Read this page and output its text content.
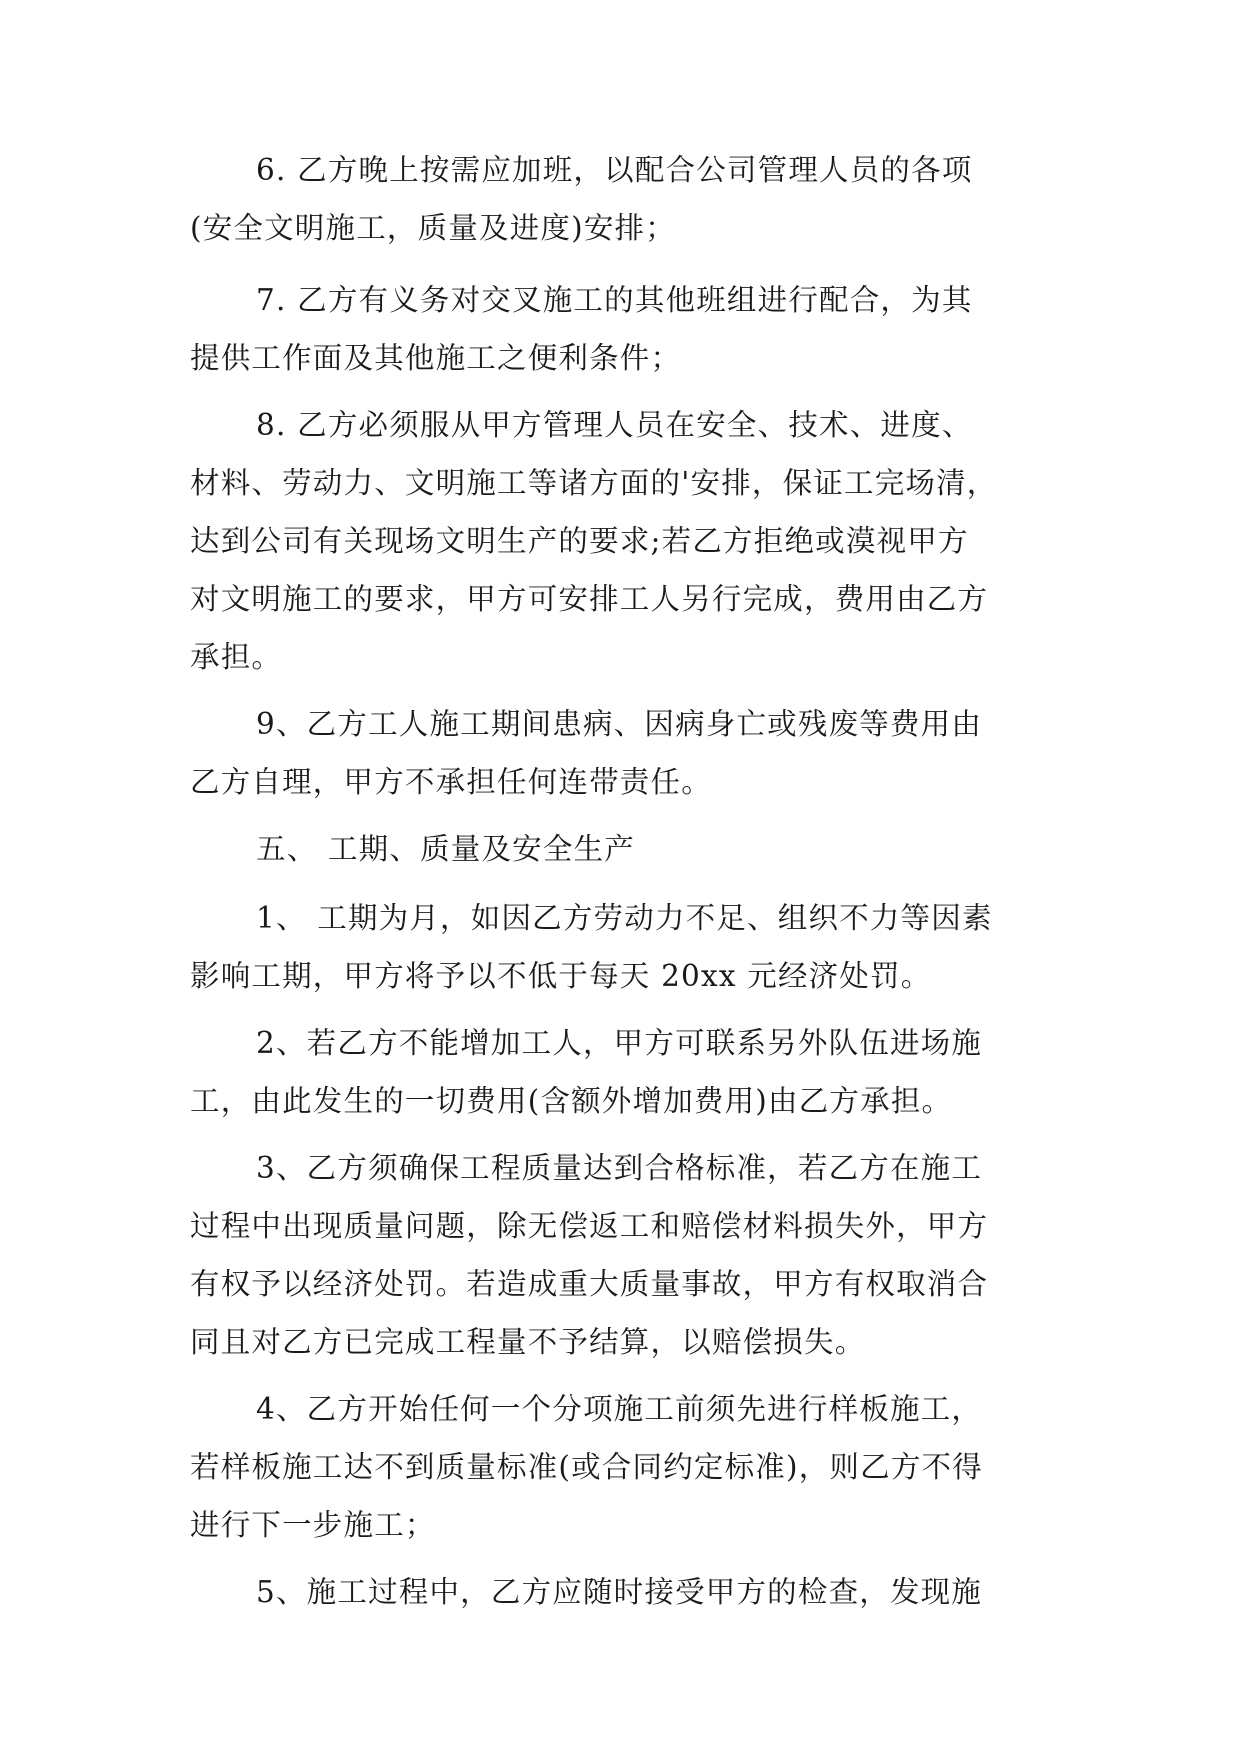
6. 乙方晚上按需应加班，以配合公司管理人员的各项

(安全文明施工，质量及进度)安排；

7. 乙方有义务对交叉施工的其他班组进行配合，为其

提供工作面及其他施工之便利条件；

8. 乙方必须服从甲方管理人员在安全、技术、进度、

材料、劳动力、文明施工等诸方面的'安排，保证工完场清，

达到公司有关现场文明生产的要求;若乙方拒绝或漠视甲方

对文明施工的要求，甲方可安排工人另行完成，费用由乙方

承担。

9、乙方工人施工期间患病、因病身亡或残废等费用由

乙方自理，甲方不承担任何连带责任。

五、 工期、质量及安全生产

1、 工期为月，如因乙方劳动力不足、组织不力等因素

影响工期，甲方将予以不低于每天 20xx 元经济处罚。

2、若乙方不能增加工人，甲方可联系另外队伍进场施

工，由此发生的一切费用(含额外增加费用)由乙方承担。

3、乙方须确保工程质量达到合格标准，若乙方在施工

过程中出现质量问题，除无偿返工和赔偿材料损失外，甲方

有权予以经济处罚。若造成重大质量事故，甲方有权取消合

同且对乙方已完成工程量不予结算，以赔偿损失。

4、乙方开始任何一个分项施工前须先进行样板施工，

若样板施工达不到质量标准(或合同约定标准)，则乙方不得

进行下一步施工；

5、施工过程中，乙方应随时接受甲方的检查，发现施
